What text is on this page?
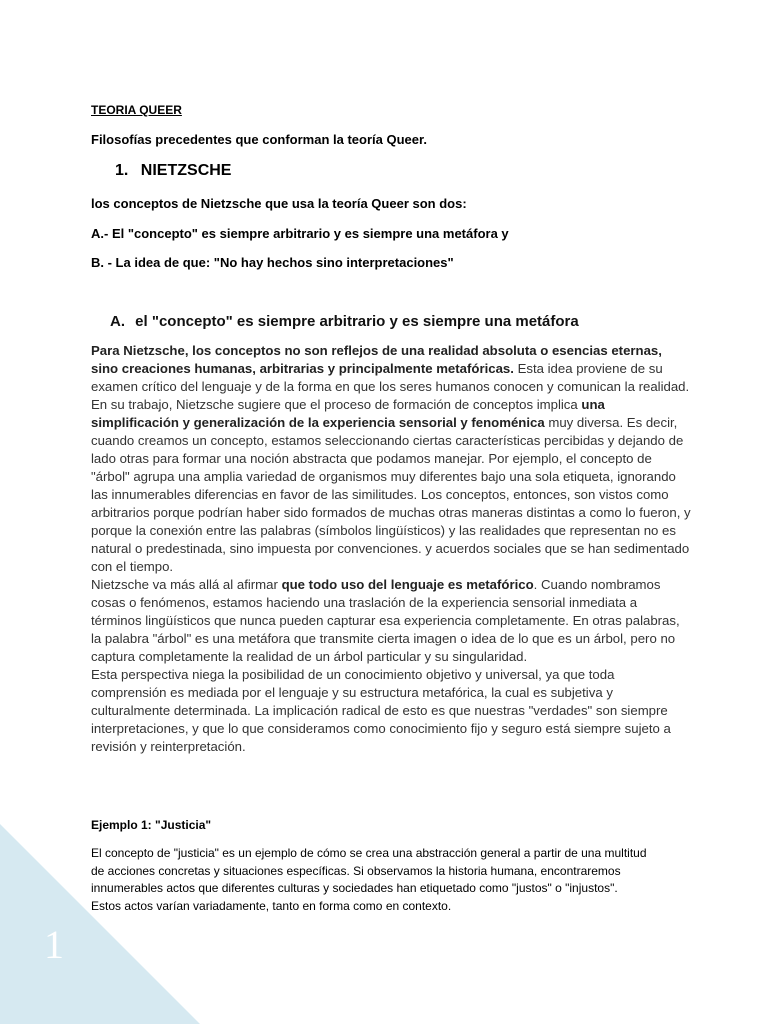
1
TEORIA QUEER
Filosofías precedentes que conforman la teoría Queer.
1. NIETZSCHE
los conceptos de Nietzsche que usa la teoría Queer son dos:
A.- El "concepto" es siempre arbitrario y es siempre una metáfora y
B. - La idea de que: "No hay hechos sino interpretaciones"
A. el "concepto" es siempre arbitrario y es siempre una metáfora

Para Nietzsche, los conceptos no son reflejos de una realidad absoluta o esencias eternas, sino creaciones humanas, arbitrarias y principalmente metafóricas. Esta idea proviene de su examen crítico del lenguaje y de la forma en que los seres humanos conocen y comunican la realidad.

En su trabajo, Nietzsche sugiere que el proceso de formación de conceptos implica una simplificación y generalización de la experiencia sensorial y fenoménica muy diversa. Es decir, cuando creamos un concepto, estamos seleccionando ciertas características percibidas y dejando de lado otras para formar una noción abstracta que podamos manejar. Por ejemplo, el concepto de "árbol" agrupa una amplia variedad de organismos muy diferentes bajo una sola etiqueta, ignorando las innumerables diferencias en favor de las similitudes. Los conceptos, entonces, son vistos como arbitrarios porque podrían haber sido formados de muchas otras maneras distintas a como lo fueron, y porque la conexión entre las palabras (símbolos lingüísticos) y las realidades que representan no es natural o predestinada, sino impuesta por convenciones. y acuerdos sociales que se han sedimentado con el tiempo.

Nietzsche va más allá al afirmar que todo uso del lenguaje es metafórico. Cuando nombramos cosas o fenómenos, estamos haciendo una traslación de la experiencia sensorial inmediata a términos lingüísticos que nunca pueden capturar esa experiencia completamente. En otras palabras, la palabra "árbol" es una metáfora que transmite cierta imagen o idea de lo que es un árbol, pero no captura completamente la realidad de un árbol particular y su singularidad.

Esta perspectiva niega la posibilidad de un conocimiento objetivo y universal, ya que toda comprensión es mediada por el lenguaje y su estructura metafórica, la cual es subjetiva y culturalmente determinada. La implicación radical de esto es que nuestras "verdades" son siempre interpretaciones, y que lo que consideramos como conocimiento fijo y seguro está siempre sujeto a revisión y reinterpretación.

Ejemplo 1: "Justicia"
El concepto de "justicia" es un ejemplo de cómo se crea una abstracción general a partir de una multitud de acciones concretas y situaciones específicas. Si observamos la historia humana, encontraremos innumerables actos que diferentes culturas y sociedades han etiquetado como "justos" o "injustos". Estos actos varían variadamente, tanto en forma como en contexto.
